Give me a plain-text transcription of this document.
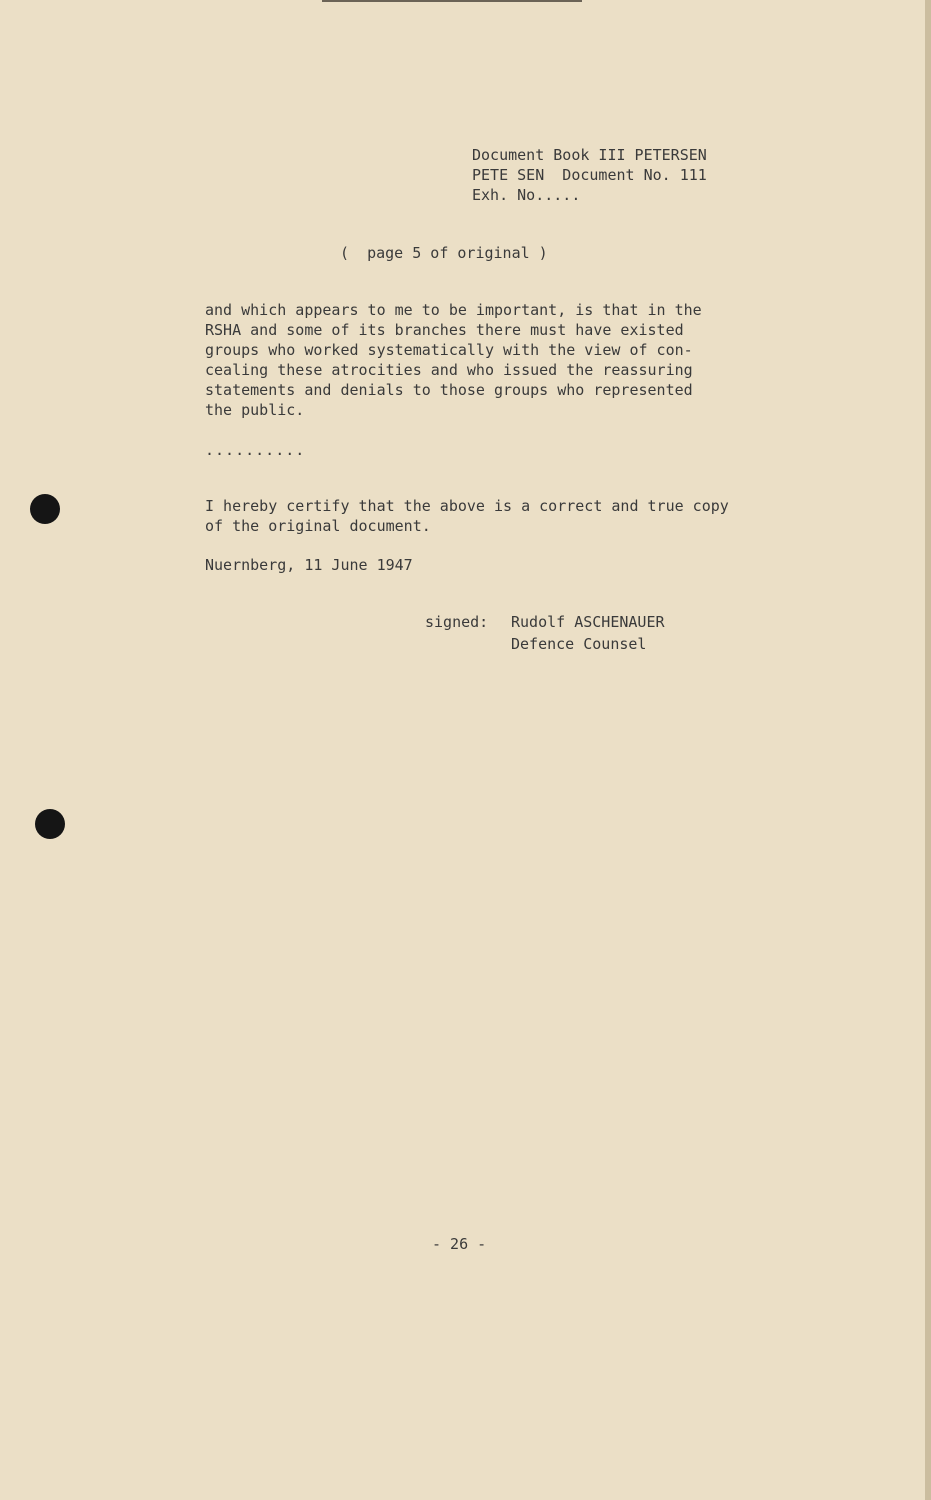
Document Book III PETERSEN
PETE SEN  Document No. 111
Exh. No.....
(  page 5 of original )
and which appears to me to be important, is that in the
RSHA and some of its branches there must have existed
groups who worked systematically with the view of con-
cealing these atrocities and who issued the reassuring
statements and denials to those groups who represented
the public.
..........
I hereby certify that the above is a correct and true copy
of the original document.
Nuernberg, 11 June 1947
signed: Rudolf ASCHENAUER
Defence Counsel
- 26 -
